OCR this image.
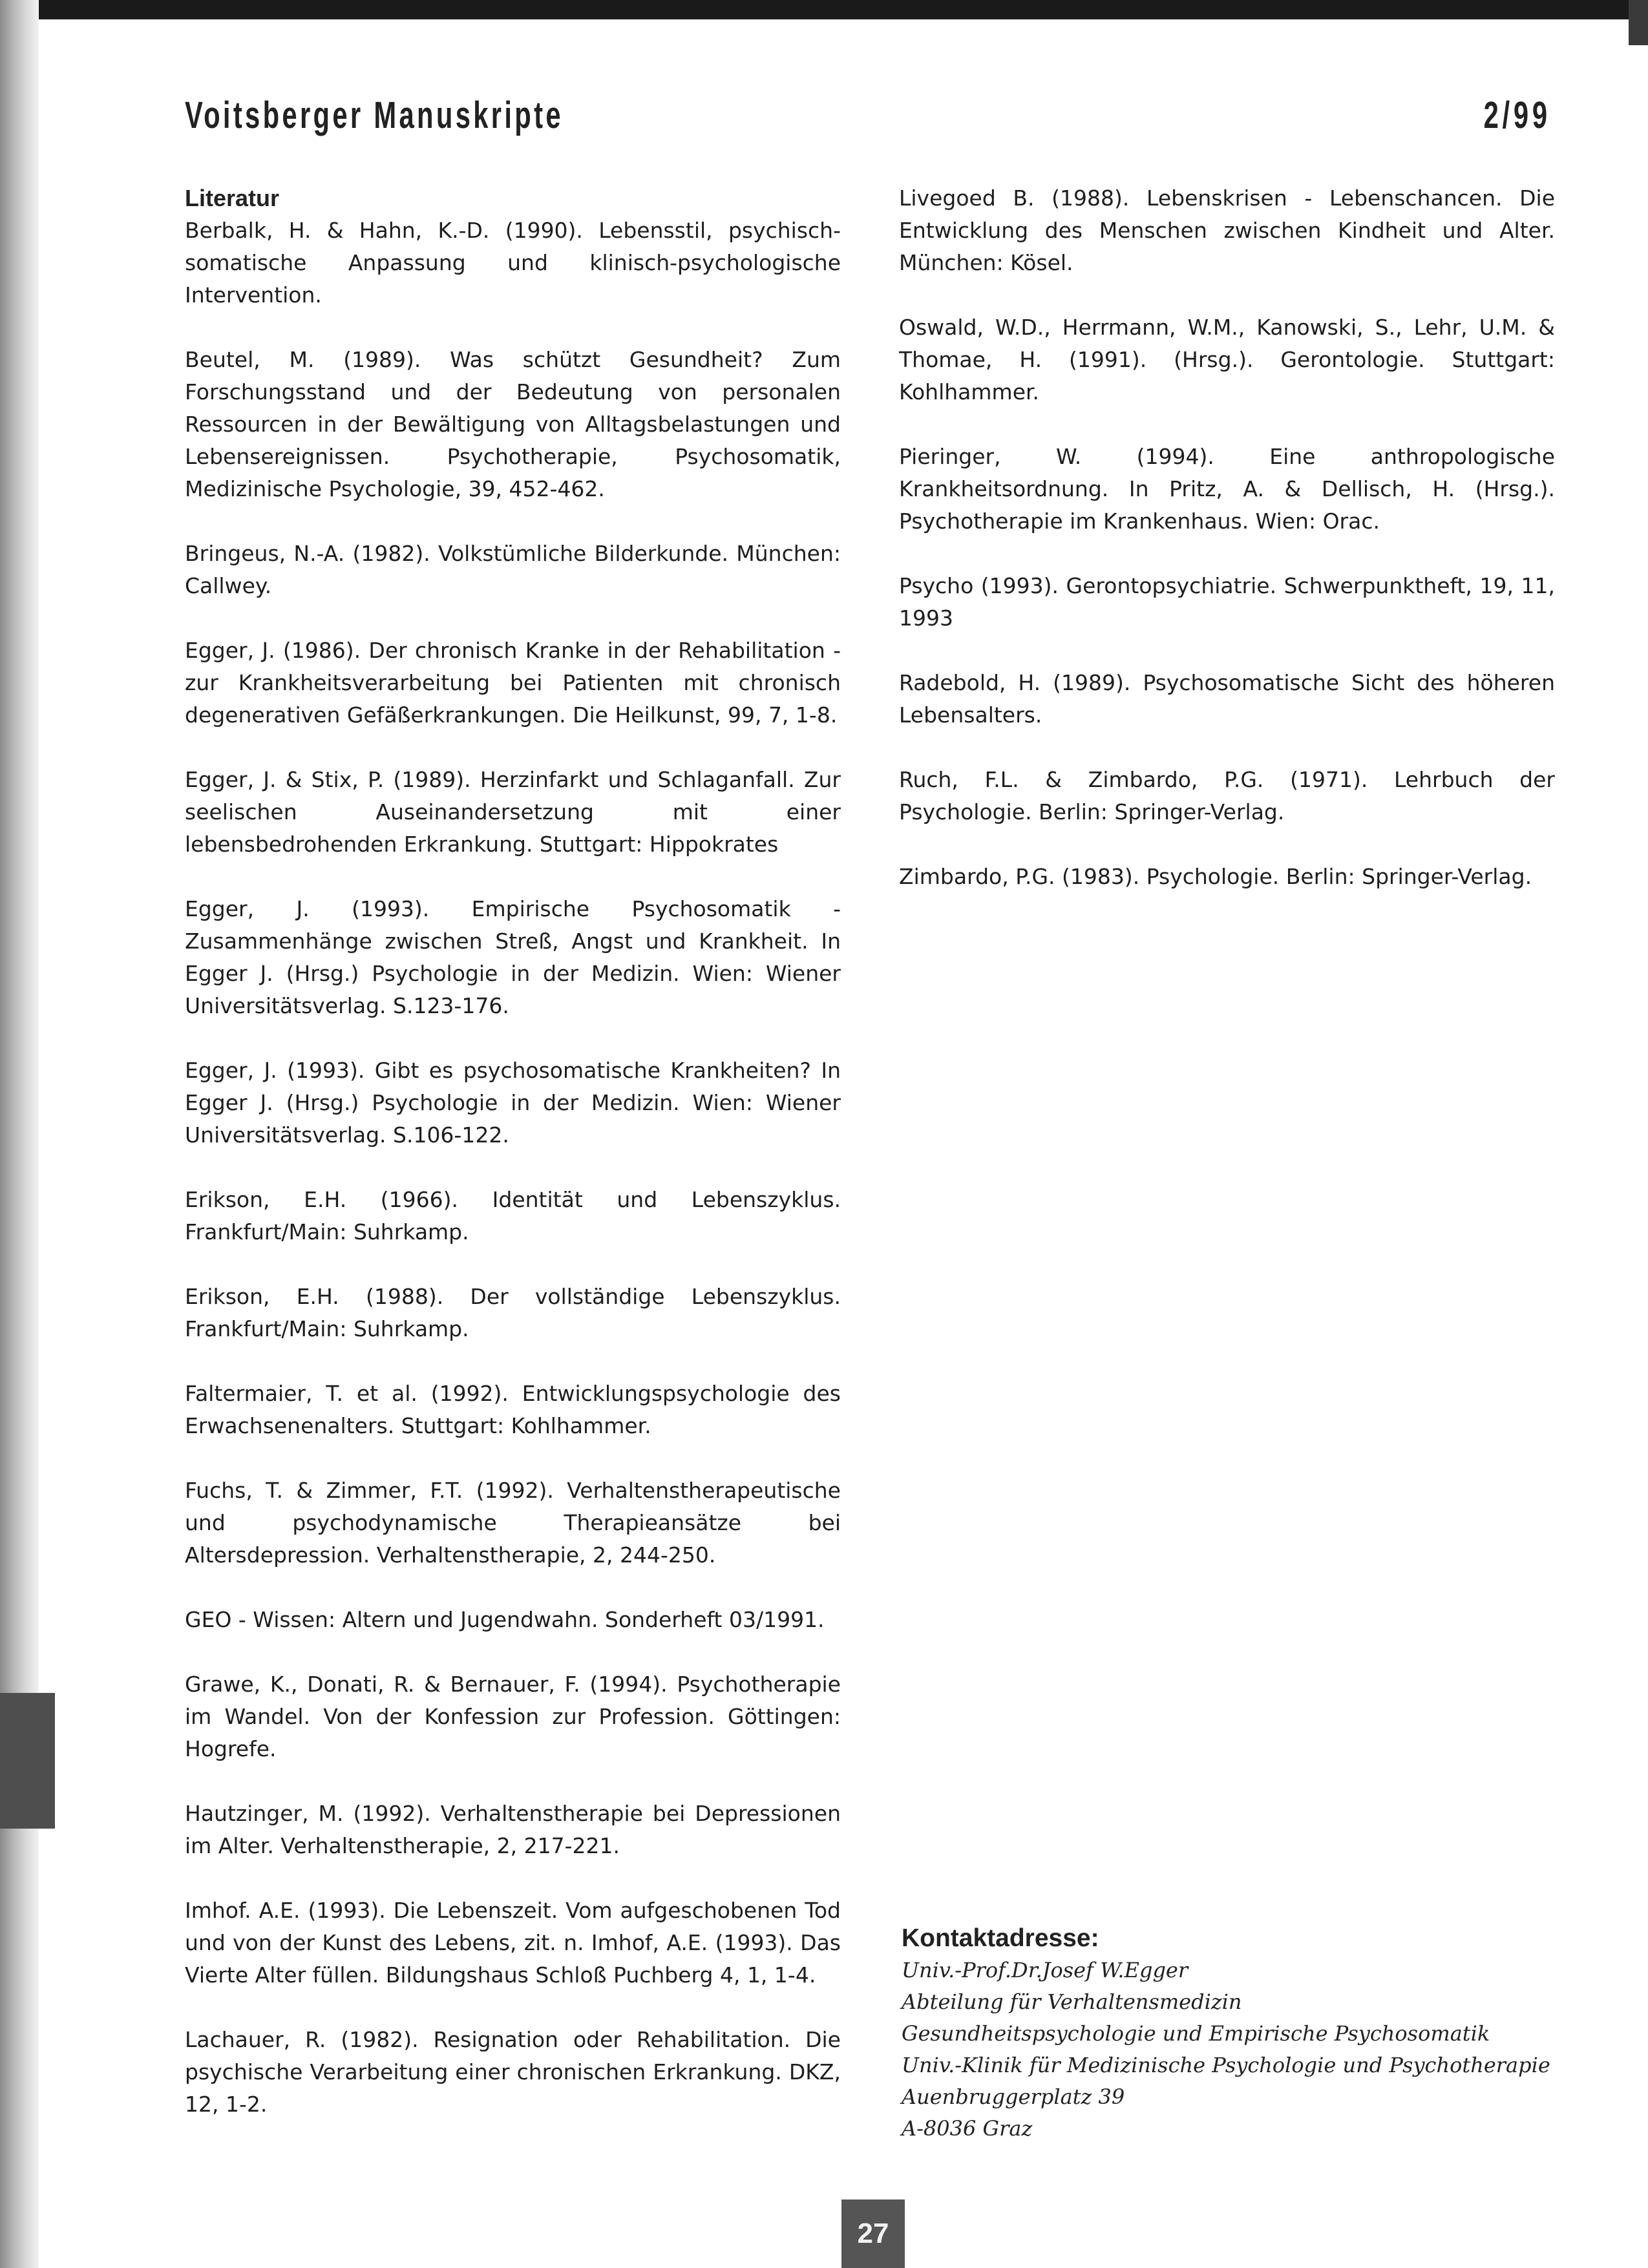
Voitsberger Manuskripte	2/99
Literatur

Berbalk, H. & Hahn, K.-D. (1990). Lebensstil, psychisch-somatische Anpassung und klinisch-psychologische Intervention.

Beutel, M. (1989). Was schützt Gesundheit? Zum Forschungsstand und der Bedeutung von personalen Ressourcen in der Bewältigung von Alltagsbelastungen und Lebensereignissen. Psychotherapie, Psychosomatik, Medizinische Psychologie, 39, 452-462.

Bringeus, N.-A. (1982). Volkstümliche Bilderkunde. München: Callwey.

Egger, J. (1986). Der chronisch Kranke in der Rehabilitation - zur Krankheitsverarbeitung bei Patienten mit chronisch degenerativen Gefäßerkrankungen. Die Heilkunst, 99, 7, 1-8.

Egger, J. & Stix, P. (1989). Herzinfarkt und Schlaganfall. Zur seelischen Auseinandersetzung mit einer lebensbedrohenden Erkrankung. Stuttgart: Hippokrates

Egger, J. (1993). Empirische Psychosomatik - Zusammenhänge zwischen Streß, Angst und Krankheit. In Egger J. (Hrsg.) Psychologie in der Medizin. Wien: Wiener Universitätsverlag. S.123-176.

Egger, J. (1993). Gibt es psychosomatische Krankheiten? In Egger J. (Hrsg.) Psychologie in der Medizin. Wien: Wiener Universitätsverlag. S.106-122.

Erikson, E.H. (1966). Identität und Lebenszyklus. Frankfurt/Main: Suhrkamp.

Erikson, E.H. (1988). Der vollständige Lebenszyklus. Frankfurt/Main: Suhrkamp.

Faltermaier, T. et al. (1992). Entwicklungspsychologie des Erwachsenenalters. Stuttgart: Kohlhammer.

Fuchs, T. & Zimmer, F.T. (1992). Verhaltenstherapeutische und psychodynamische Therapieansätze bei Altersdepression. Verhaltenstherapie, 2, 244-250.

GEO - Wissen: Altern und Jugendwahn. Sonderheft 03/1991.

Grawe, K., Donati, R. & Bernauer, F. (1994). Psychotherapie im Wandel. Von der Konfession zur Profession. Göttingen: Hogrefe.

Hautzinger, M. (1992). Verhaltenstherapie bei Depressionen im Alter. Verhaltenstherapie, 2, 217-221.

Imhof. A.E. (1993). Die Lebenszeit. Vom aufgeschobenen Tod und von der Kunst des Lebens, zit. n. Imhof, A.E. (1993). Das Vierte Alter füllen. Bildungshaus Schloß Puchberg 4, 1, 1-4.

Lachauer, R. (1982). Resignation oder Rehabilitation. Die psychische Verarbeitung einer chronischen Erkrankung. DKZ, 12, 1-2.

Livegoed B. (1988). Lebenskrisen - Lebenschancen. Die Entwicklung des Menschen zwischen Kindheit und Alter. München: Kösel.

Oswald, W.D., Herrmann, W.M., Kanowski, S., Lehr, U.M. & Thomae, H. (1991). (Hrsg.). Gerontologie. Stuttgart: Kohlhammer.

Pieringer, W. (1994). Eine anthropologische Krankheitsordnung. In Pritz, A. & Dellisch, H. (Hrsg.). Psychotherapie im Krankenhaus. Wien: Orac.

Psycho (1993). Gerontopsychiatrie. Schwerpunktheft, 19, 11, 1993

Radebold, H. (1989). Psychosomatische Sicht des höheren Lebensalters.

Ruch, F.L. & Zimbardo, P.G. (1971). Lehrbuch der Psychologie. Berlin: Springer-Verlag.

Zimbardo, P.G. (1983). Psychologie. Berlin: Springer-Verlag.

Kontaktadresse:

Univ.-Prof.Dr.Josef W.Egger

Abteilung für Verhaltensmedizin

Gesundheitspsychologie und Empirische Psychosomatik

Univ.-Klinik für Medizinische Psychologie und Psychotherapie

Auenbruggerplatz 39

A-8036 Graz

27
